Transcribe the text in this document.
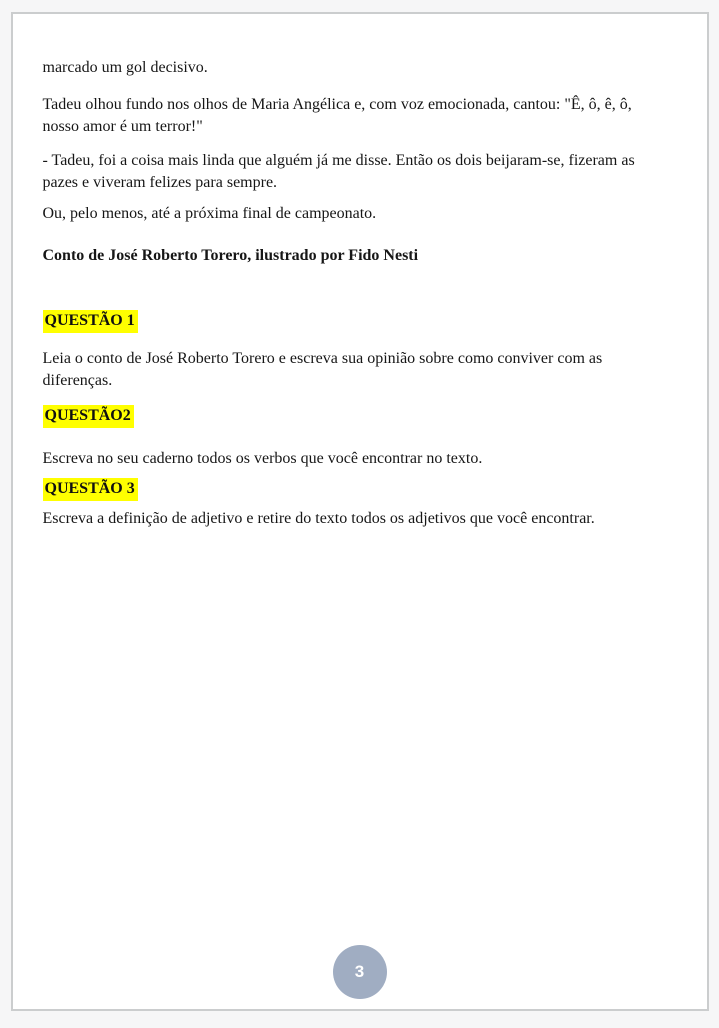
marcado um gol decisivo.

Tadeu olhou fundo nos olhos de Maria Angélica e, com voz emocionada, cantou: "Ê, ô, ê, ô, nosso amor é um terror!"

- Tadeu, foi a coisa mais linda que alguém já me disse. Então os dois beijaram-se, fizeram as pazes e viveram felizes para sempre.

Ou, pelo menos, até a próxima final de campeonato.

Conto de José Roberto Torero, ilustrado por Fido Nesti

QUESTÃO 1

Leia o conto de José Roberto Torero e escreva sua opinião sobre como conviver com as diferenças.

QUESTÃO2

Escreva no seu caderno todos os verbos que você encontrar no texto.

QUESTÃO 3

Escreva a definição de adjetivo e retire do texto todos os adjetivos que você encontrar.

3
